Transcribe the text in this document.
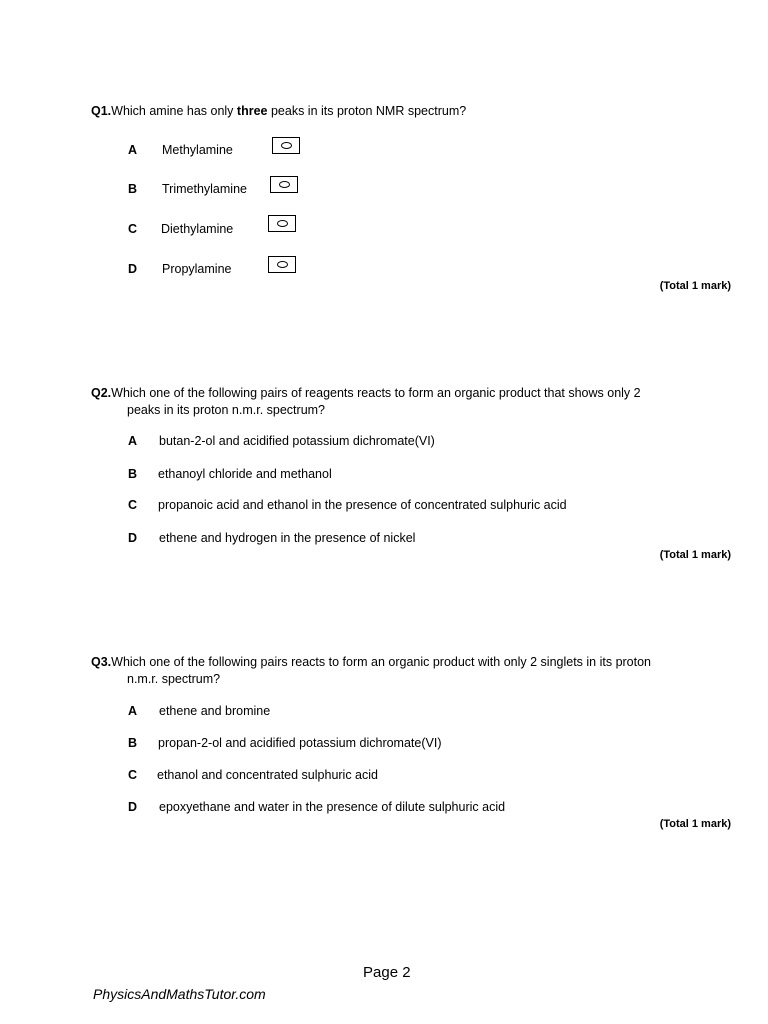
Q1.Which amine has only three peaks in its proton NMR spectrum?
A Methylamine
B Trimethylamine
C Diethylamine
D Propylamine
(Total 1 mark)
Q2.Which one of the following pairs of reagents reacts to form an organic product that shows only 2
peaks in its proton n.m.r. spectrum?
A butan-2-ol and acidified potassium dichromate(VI)
B ethanoyl chloride and methanol
C propanoic acid and ethanol in the presence of concentrated sulphuric acid
D ethene and hydrogen in the presence of nickel
(Total 1 mark)
Q3.Which one of the following pairs reacts to form an organic product with only 2 singlets in its proton
n.m.r. spectrum?
A ethene and bromine
B propan-2-ol and acidified potassium dichromate(VI)
C ethanol and concentrated sulphuric acid
D epoxyethane and water in the presence of dilute sulphuric acid
(Total 1 mark)
Page 2
PhysicsAndMathsTutor.com
